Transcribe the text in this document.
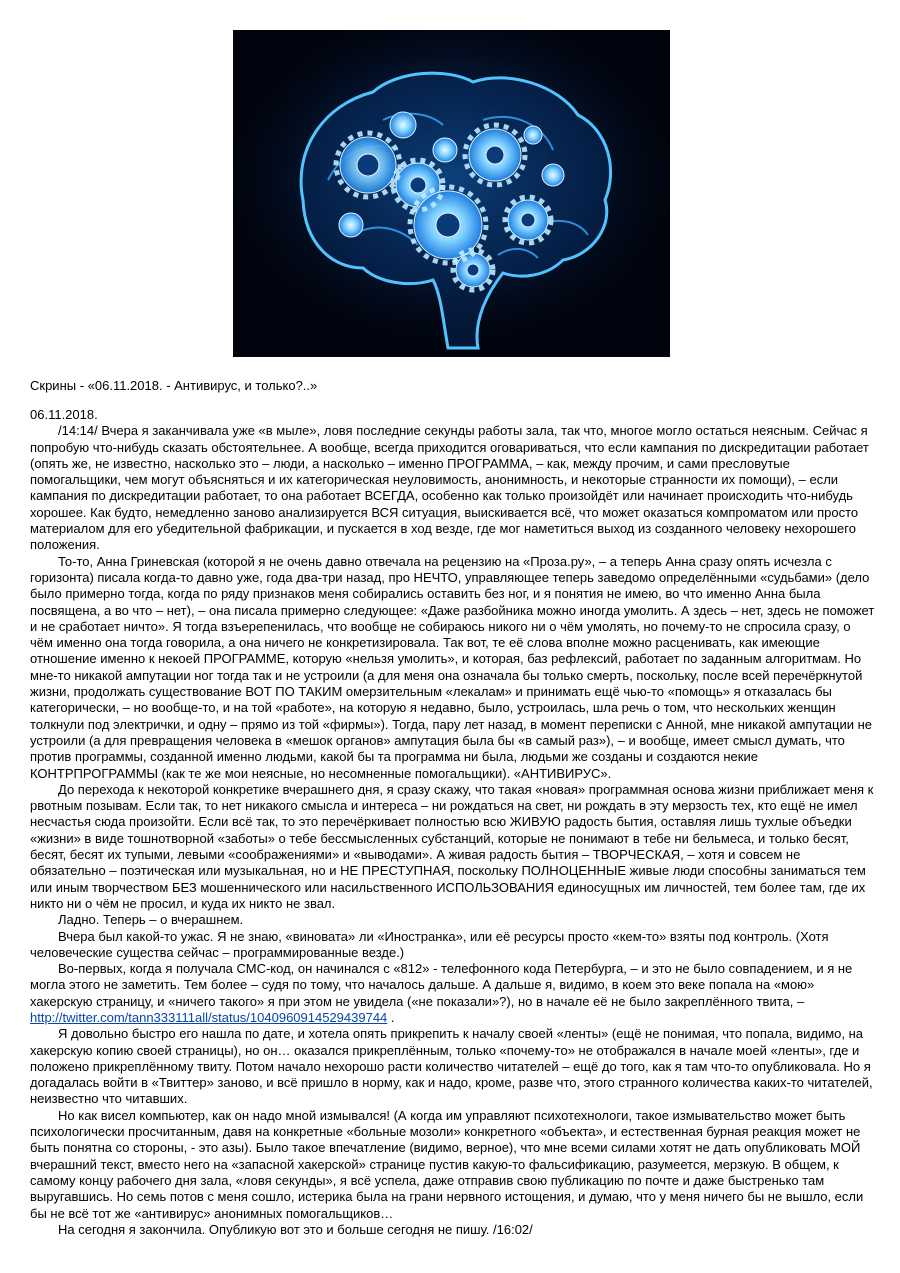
Скрины - «06.11.2018. - Антивирус, и только?..»

06.11.2018.

/14:14/ Вчера я заканчивала уже «в мыле», ловя последние секунды работы зала, так что, многое могло остаться неясным. Сейчас я попробую что-нибудь сказать обстоятельнее. А вообще, всегда приходится оговариваться, что если кампания по дискредитации работает (опять же, не известно, насколько это – люди, а насколько – именно ПРОГРАММА, – как, между прочим, и сами пресловутые помогальщики, чем могут объясняться и их категорическая неуловимость, анонимность, и некоторые странности их помощи), – если кампания по дискредитации работает, то она работает ВСЕГДА, особенно как только произойдёт или начинает происходить что-нибудь хорошее. Как будто, немедленно заново анализируется ВСЯ ситуация, выискивается всё, что может оказаться компроматом или просто материалом для его убедительной фабрикации, и пускается в ход везде, где мог наметиться выход из созданного человеку нехорошего положения.

То-то, Анна Гриневская (которой я не очень давно отвечала на рецензию на «Проза.ру», – а теперь Анна сразу опять исчезла с горизонта) писала когда-то давно уже, года два-три назад, про НЕЧТО, управляющее теперь заведомо определёнными «судьбами» (дело было примерно тогда, когда по ряду признаков меня собирались оставить без ног, и я понятия не имею, во что именно Анна была посвящена, а во что – нет), – она писала примерно следующее: «Даже разбойника можно иногда умолить. А здесь – нет, здесь не поможет и не сработает ничто». Я тогда взъерепенилась, что вообще не собираюсь никого ни о чём умолять, но почему-то не спросила сразу, о чём именно она тогда говорила, а она ничего не конкретизировала. Так вот, те её слова вполне можно расценивать, как имеющие отношение именно к некоей ПРОГРАММЕ, которую «нельзя умолить», и которая, баз рефлексий, работает по заданным алгоритмам. Но мне-то никакой ампутации ног тогда так и не устроили (а для меня она означала бы только смерть, поскольку, после всей перечёркнутой жизни, продолжать существование ВОТ ПО ТАКИМ омерзительным «лекалам» и принимать ещё чью-то «помощь» я отказалась бы категорически, – но вообще-то, и на той «работе», на которую я недавно, было, устроилась, шла речь о том, что нескольких женщин толкнули под электрички, и одну – прямо из той «фирмы»). Тогда, пару лет назад, в момент переписки с Анной, мне никакой ампутации не устроили (а для превращения человека в «мешок органов» ампутация была бы «в самый раз»), – и вообще, имеет смысл думать, что против программы, созданной именно людьми, какой бы та программа ни была, людьми же созданы и создаются некие КОНТРПРОГРАММЫ (как те же мои неясные, но несомненные помогальщики). «АНТИВИРУС».

До перехода к некоторой конкретике вчерашнего дня, я сразу скажу, что такая «новая» программная основа жизни приближает меня к рвотным позывам. Если так, то нет никакого смысла и интереса – ни рождаться на свет, ни рождать в эту мерзость тех, кто ещё не имел несчастья сюда произойти. Если всё так, то это перечёркивает полностью всю ЖИВУЮ радость бытия, оставляя лишь тухлые объедки «жизни» в виде тошнотворной «заботы» о тебе бессмысленных субстанций, которые не понимают в тебе ни бельмеса, и только бесят, бесят, бесят их тупыми, левыми «соображениями» и «выводами». А живая радость бытия – ТВОРЧЕСКАЯ, – хотя и совсем не обязательно – поэтическая или музыкальная, но и НЕ ПРЕСТУПНАЯ, поскольку ПОЛНОЦЕННЫЕ живые люди способны заниматься тем или иным творчеством БЕЗ мошеннического или насильственного ИСПОЛЬЗОВАНИЯ единосущных им личностей, тем более там, где их никто ни о чём не просил, и куда их никто не звал.

Ладно. Теперь – о вчерашнем.

Вчера был какой-то ужас. Я не знаю, «виновата» ли «Иностранка», или её ресурсы просто «кем-то» взяты под контроль. (Хотя человеческие существа сейчас – программированные везде.)

Во-первых, когда я получала СМС-код, он начинался с «812» - телефонного кода Петербурга, – и это не было совпадением, и я не могла этого не заметить. Тем более – судя по тому, что началось дальше. А дальше я, видимо, в коем это веке попала на «мою» хакерскую страницу, и «ничего такого» я при этом не увидела («не показали»?), но в начале её не было закреплённого твита, –

http://twitter.com/tann333111all/status/1040960914529439744 .

Я довольно быстро его нашла по дате, и хотела опять прикрепить к началу своей «ленты» (ещё не понимая, что попала, видимо, на хакерскую копию своей страницы), но он… оказался прикреплённым, только «почему-то» не отображался в начале моей «ленты», где и положено прикреплённому твиту. Потом начало нехорошо расти количество читателей – ещё до того, как я там что-то опубликовала. Но я догадалась войти в «Твиттер» заново, и всё пришло в норму, как и надо, кроме, разве что, этого странного количества каких-то читателей, неизвестно что читавших.

Но как висел компьютер, как он надо мной измывался! (А когда им управляют психотехнологи, такое измывательство может быть психологически просчитанным, давя на конкретные «больные мозоли» конкретного «объекта», и естественная бурная реакция может не быть понятна со стороны, - это азы). Было такое впечатление (видимо, верное), что мне всеми силами хотят не дать опубликовать МОЙ вчерашний текст, вместо него на «запасной хакерской» странице пустив какую-то фальсификацию, разумеется, мерзкую. В общем, к самому концу рабочего дня зала, «ловя секунды», я всё успела, даже отправив свою публикацию по почте и даже быстренько там выругавшись. Но семь потов с меня сошло, истерика была на грани нервного истощения, и думаю, что у меня ничего бы не вышло, если бы не всё тот же «антивирус» анонимных помогальщиков…

На сегодня я закончила. Опубликую вот это и больше сегодня не пишу. /16:02/
